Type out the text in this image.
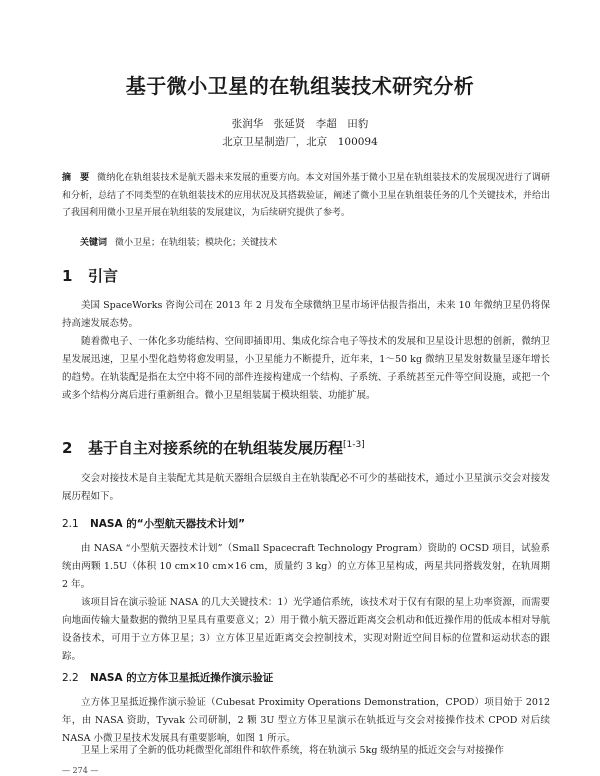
基于微小卫星的在轨组装技术研究分析
张润华　张延贤　李超　田豹
北京卫星制造厂，北京　100094
摘　要 微纳化在轨组装技术是航天器未来发展的重要方向。本文对国外基于微小卫星在轨组装技术的发展现况进行了调研和分析，总结了不同类型的在轨组装技术的应用状况及其搭载验证，阐述了微小卫星在轨组装任务的几个关键技术，并给出了我国利用微小卫星开展在轨组装的发展建议，为后续研究提供了参考。
关键词 微小卫星；在轨组装；模块化；关键技术
1 引言

美国 SpaceWorks 咨询公司在 2013 年 2 月发布全球微纳卫星市场评估报告指出，未来 10 年微纳卫星仍将保持高速发展态势。

随着微电子、一体化多功能结构、空间即插即用、集成化综合电子等技术的发展和卫星设计思想的创新，微纳卫星发展迅速，卫星小型化趋势将愈发明显，小卫星能力不断提升，近年来，1～50 kg 微纳卫星发射数量呈逐年增长的趋势。在轨装配是指在太空中将不同的部件连接构建成一个结构、子系统、子系统甚至元件等空间设施，或把一个或多个结构分离后进行重新组合。微小卫星组装属于模块组装、功能扩展。

2 基于自主对接系统的在轨组装发展历程[1-3]

交会对接技术是自主装配尤其是航天器组合层级自主在轨装配必不可少的基础技术，通过小卫星演示交会对接发展历程如下。

2.1 NASA 的“小型航天器技术计划”

由 NASA “小型航天器技术计划”（Small Spacecraft Technology Program）资助的 OCSD 项目，试验系统由两颗 1.5U（体积 10 cm×10 cm×16 cm，质量约 3 kg）的立方体卫星构成，两星共同搭载发射，在轨周期 2 年。

该项目旨在演示验证 NASA 的几大关键技术：1）光学通信系统，该技术对于仅有有限的星上功率资源，而需要向地面传输大量数据的微纳卫星具有重要意义；2）用于微小航天器近距离交会机动和低近操作用的低成本相对导航设备技术，可用于立方体卫星；3）立方体卫星近距离交会控制技术，实现对附近空间目标的位置和运动状态的跟踪。

2.2 NASA 的立方体卫星抵近操作演示验证

立方体卫星抵近操作演示验证（Cubesat Proximity Operations Demonstration，CPOD）项目始于 2012 年，由 NASA 资助，Tyvak 公司研制，2 颗 3U 型立方体卫星演示在轨抵近与交会对接操作技术 CPOD 对后续 NASA 小微卫星技术发展具有重要影响，如图 1 所示。

卫星上采用了全新的低功耗微型化部组件和软件系统，将在轨演示 5kg 级纳星的抵近交会与对接操作

— 274 —
